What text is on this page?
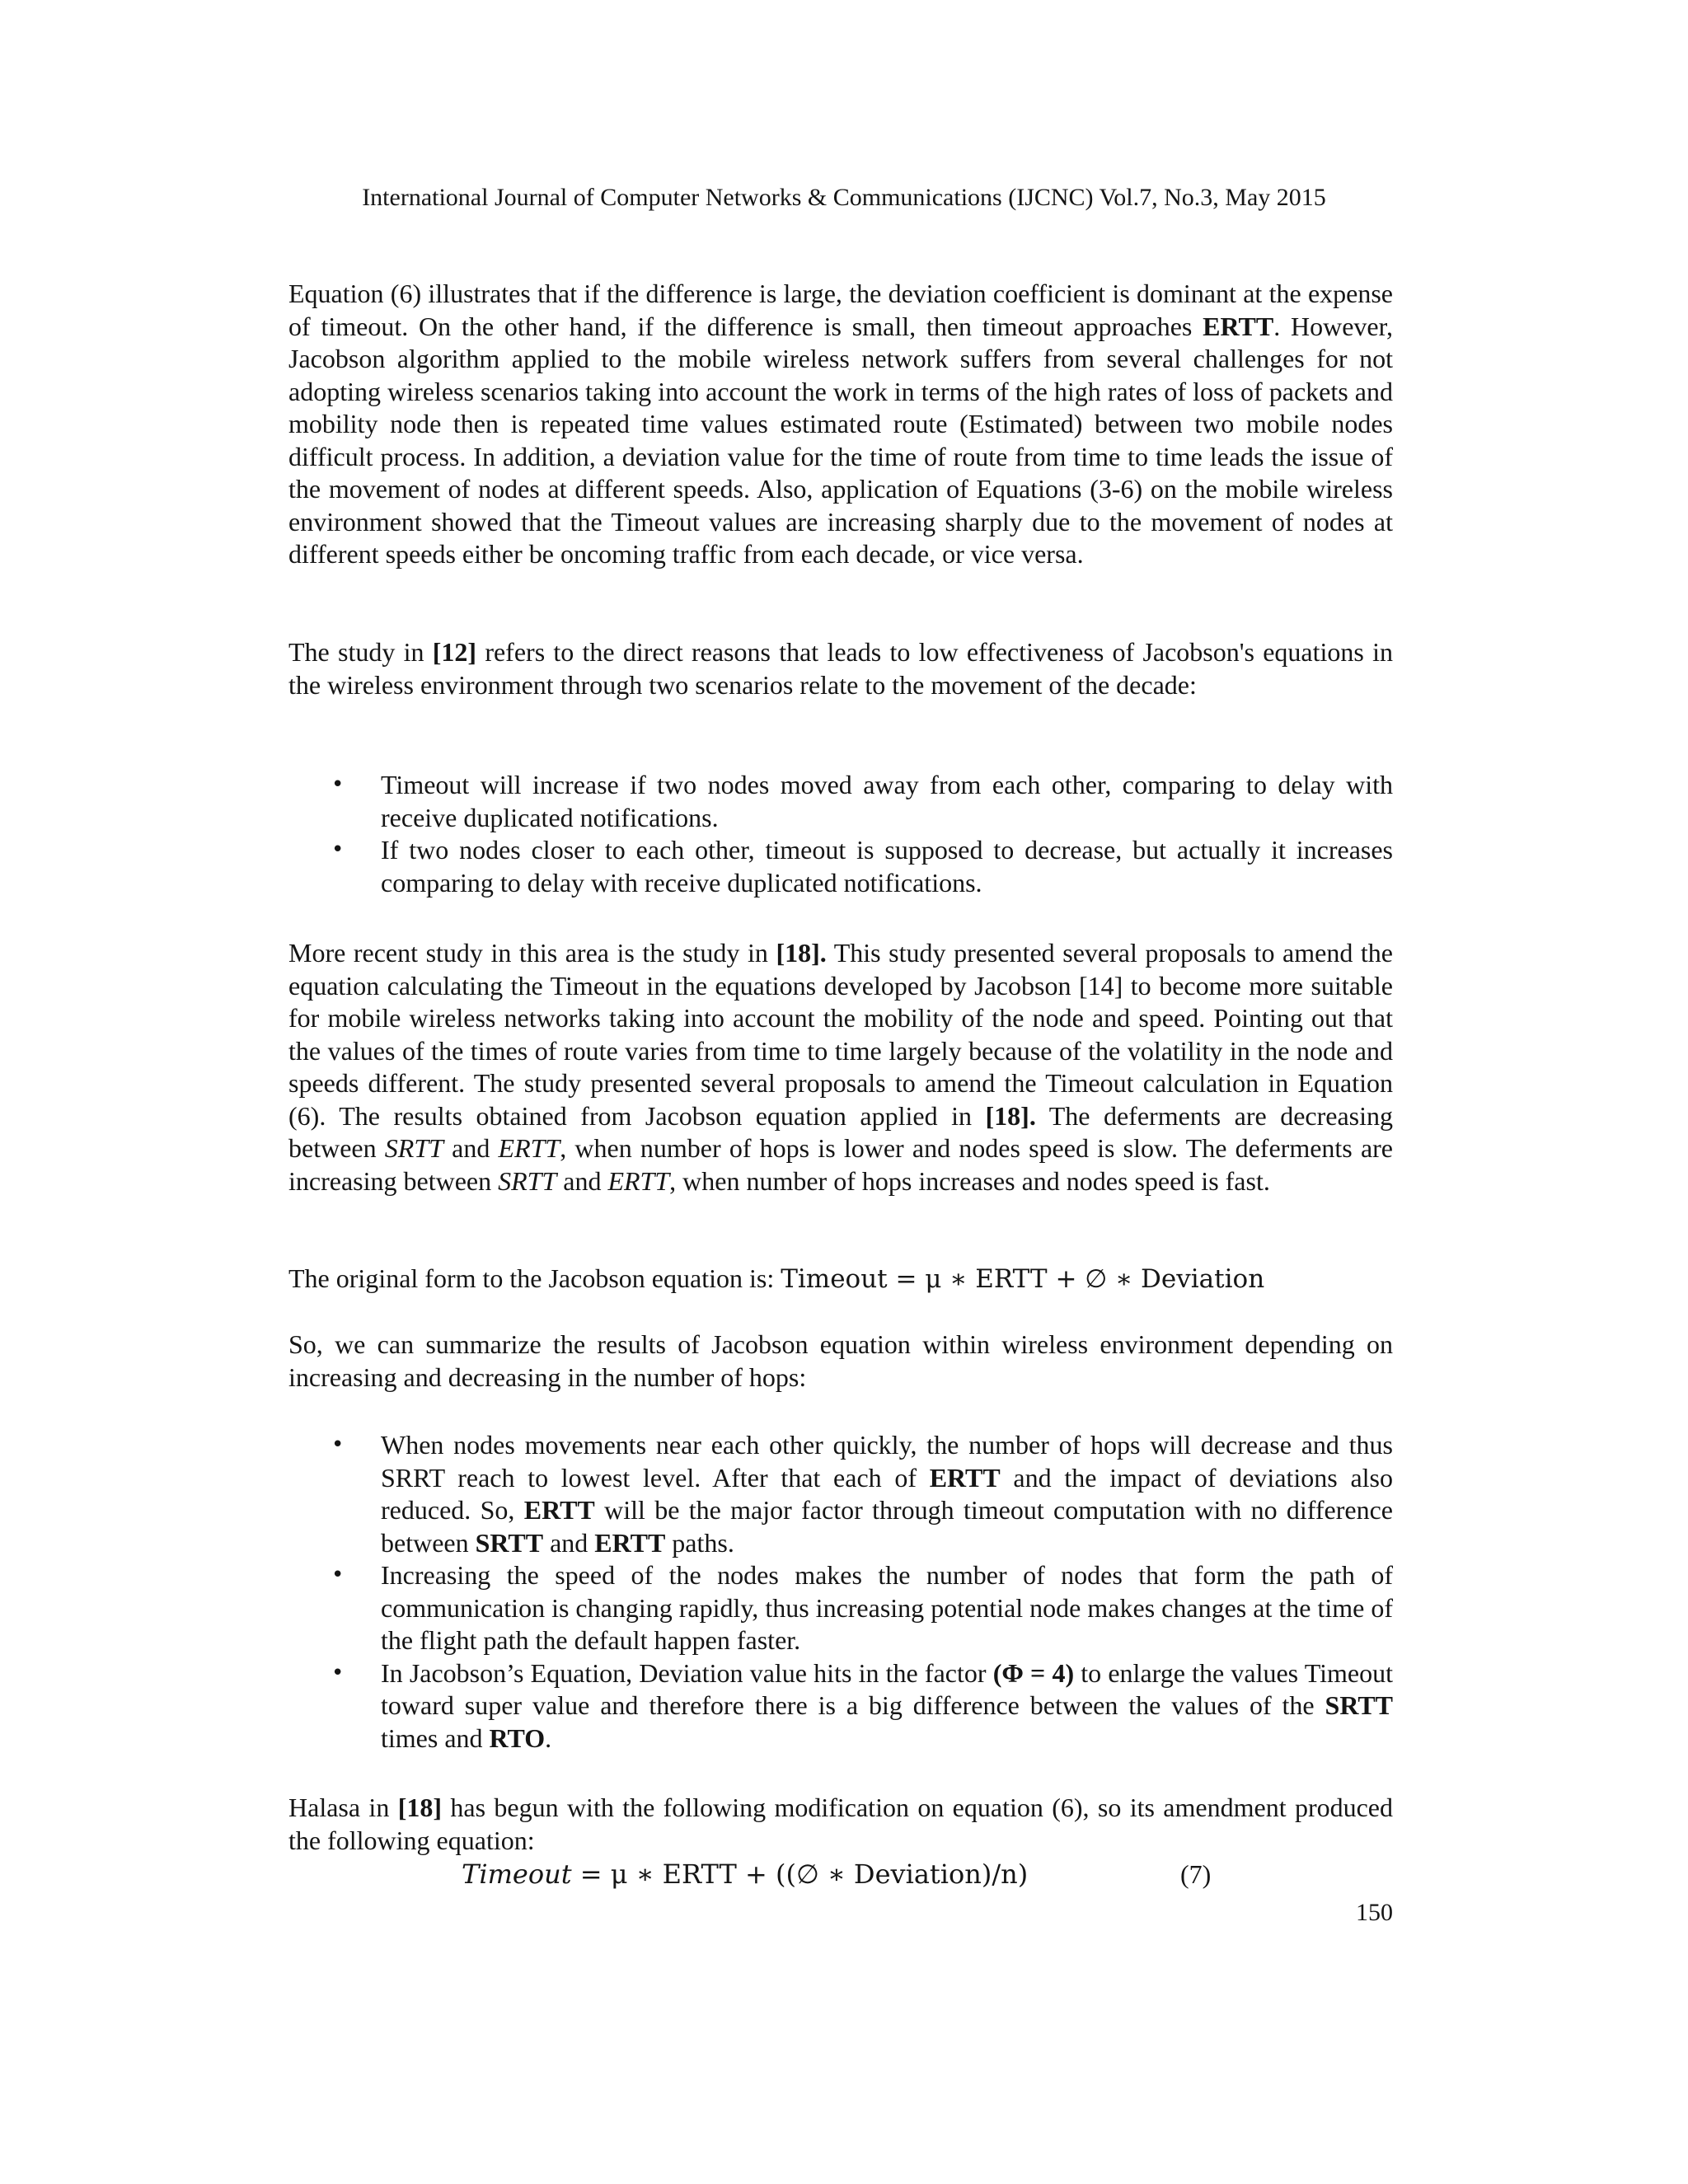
International Journal of Computer Networks & Communications (IJCNC) Vol.7, No.3, May 2015

Equation (6) illustrates that if the difference is large, the deviation coefficient is dominant at the expense of timeout. On the other hand, if the difference is small, then timeout approaches ERTT. However, Jacobson algorithm applied to the mobile wireless network suffers from several challenges for not adopting wireless scenarios taking into account the work in terms of the high rates of loss of packets and mobility node then is repeated time values estimated route (Estimated) between two mobile nodes difficult process. In addition, a deviation value for the time of route from time to time leads the issue of the movement of nodes at different speeds. Also, application of Equations (3-6) on the mobile wireless environment showed that the Timeout values are increasing sharply due to the movement of nodes at different speeds either be oncoming traffic from each decade, or vice versa.

The study in [12] refers to the direct reasons that leads to low effectiveness of Jacobson's equations in the wireless environment through two scenarios relate to the movement of the decade:

• Timeout will increase if two nodes moved away from each other, comparing to delay with receive duplicated notifications.
• If two nodes closer to each other, timeout is supposed to decrease, but actually it increases comparing to delay with receive duplicated notifications.

More recent study in this area is the study in [18]. This study presented several proposals to amend the equation calculating the Timeout in the equations developed by Jacobson [14] to become more suitable for mobile wireless networks taking into account the mobility of the node and speed. Pointing out that the values of the times of route varies from time to time largely because of the volatility in the node and speeds different. The study presented several proposals to amend the Timeout calculation in Equation (6). The results obtained from Jacobson equation applied in [18]. The deferments are decreasing between SRTT and ERTT, when number of hops is lower and nodes speed is slow. The deferments are increasing between SRTT and ERTT, when number of hops increases and nodes speed is fast.

The original form to the Jacobson equation is: Timeout = μ ∗ ERTT + ∅ ∗ Deviation

So, we can summarize the results of Jacobson equation within wireless environment depending on increasing and decreasing in the number of hops:

• When nodes movements near each other quickly, the number of hops will decrease and thus SRRT reach to lowest level. After that each of ERTT and the impact of deviations also reduced. So, ERTT will be the major factor through timeout computation with no difference between SRTT and ERTT paths.
• Increasing the speed of the nodes makes the number of nodes that form the path of communication is changing rapidly, thus increasing potential node makes changes at the time of the flight path the default happen faster.
• In Jacobson’s Equation, Deviation value hits in the factor (Φ = 4) to enlarge the values Timeout toward super value and therefore there is a big difference between the values of the SRTT times and RTO.

Halasa in [18] has begun with the following modification on equation (6), so its amendment produced the following equation:

Timeout = μ ∗ ERTT + ((∅ ∗ Deviation)/n)	(7)
150
